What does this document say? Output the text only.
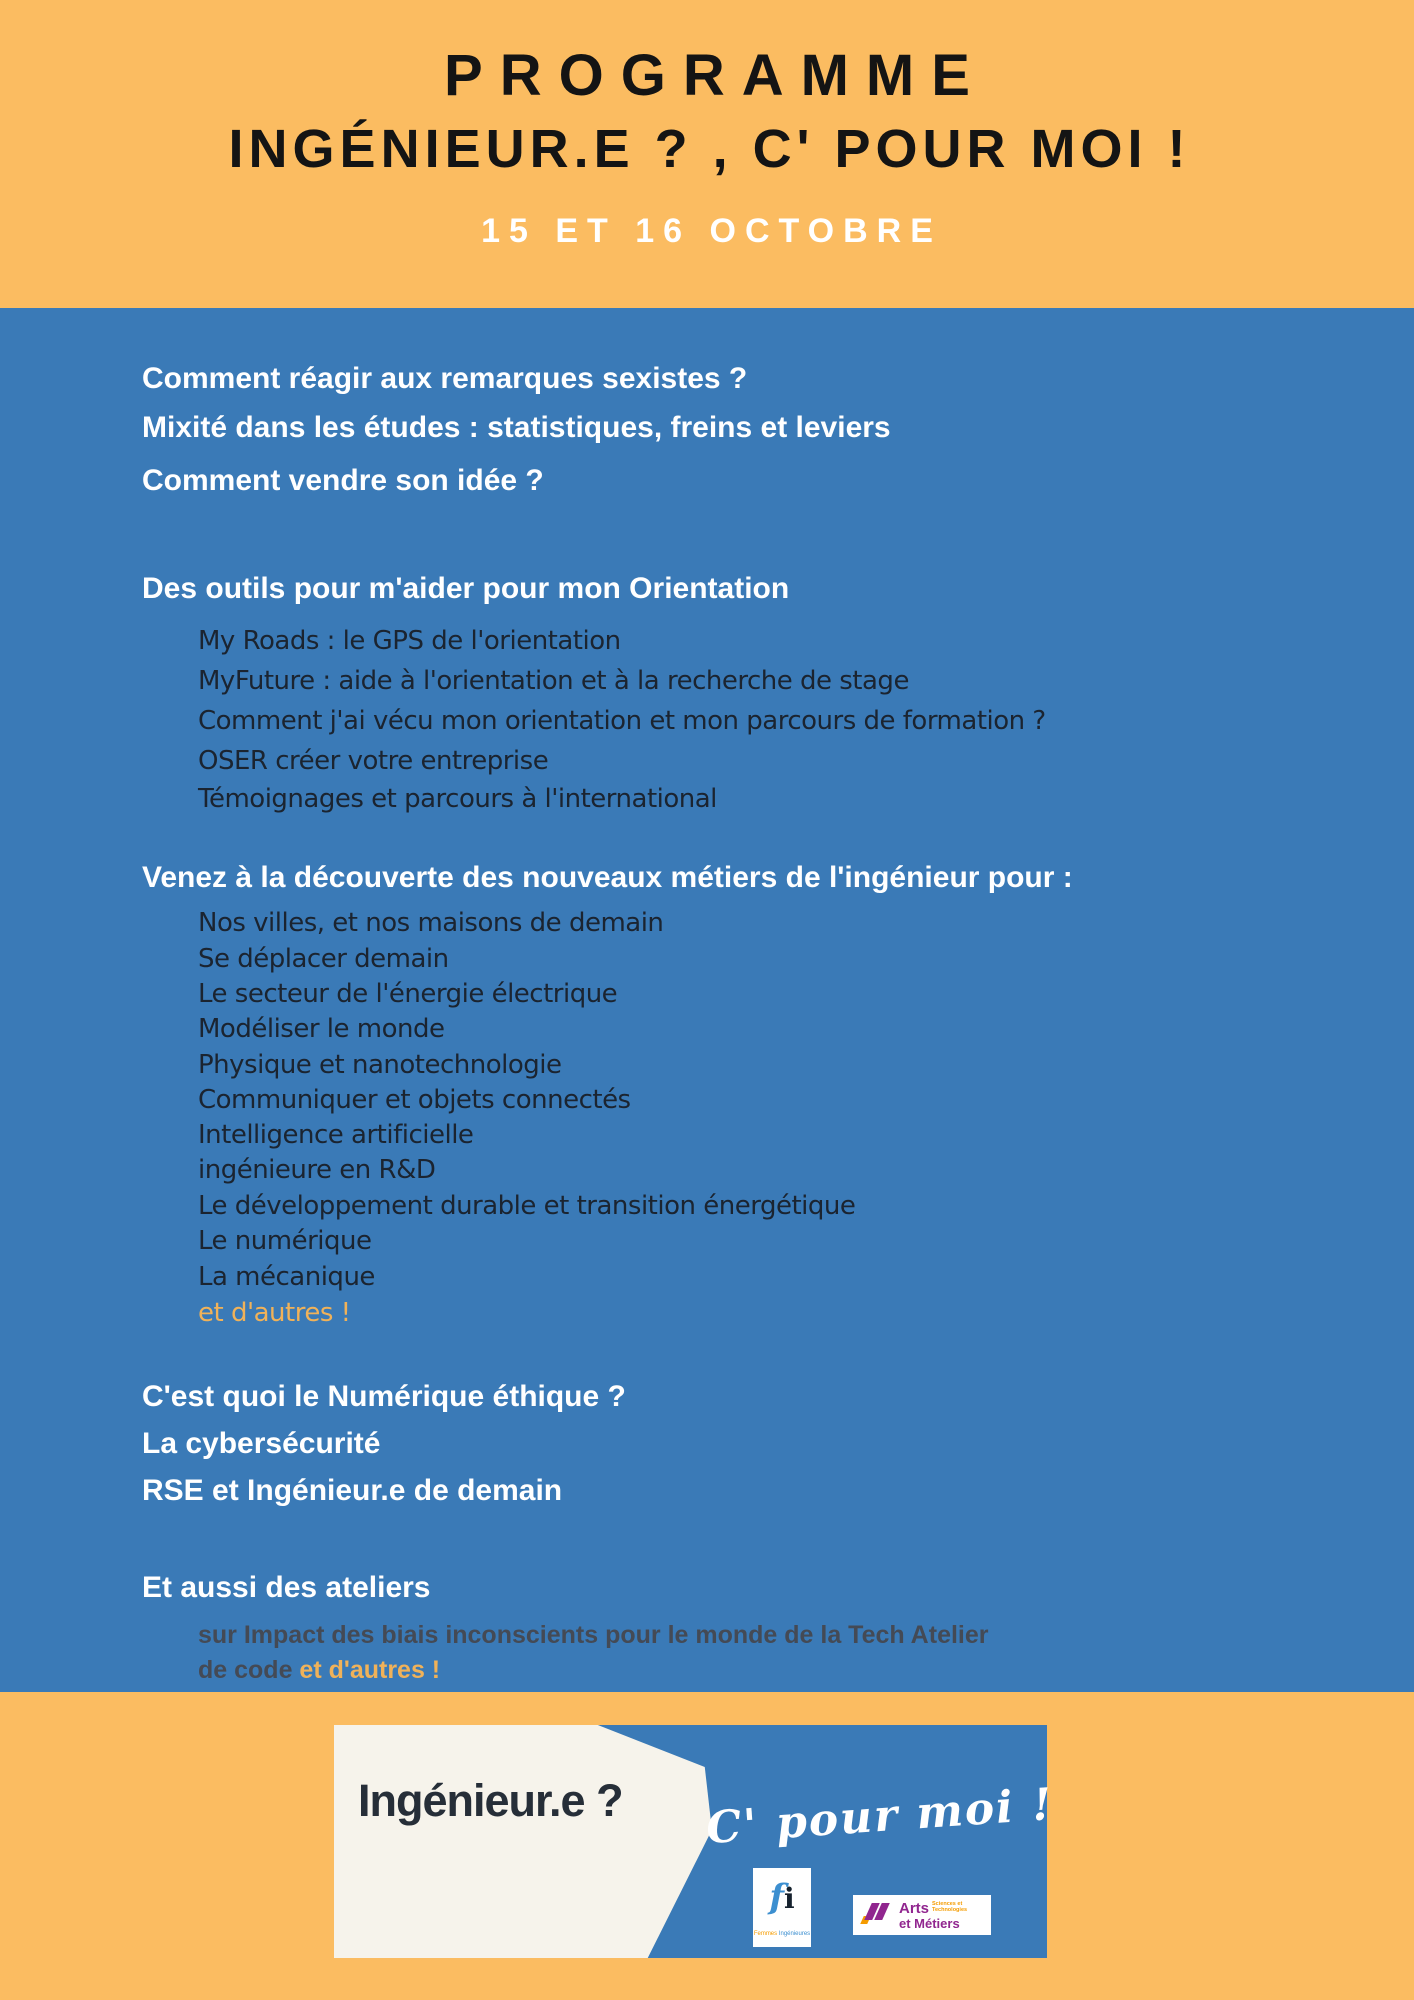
PROGRAMME
INGÉNIEUR.E ? , C' POUR MOI !
15 ET 16 OCTOBRE
Comment réagir aux remarques sexistes ?
Mixité dans les études : statistiques, freins et leviers
Comment vendre son idée ?
Des outils pour m'aider pour mon Orientation
My Roads : le GPS de l'orientation
MyFuture : aide à l'orientation et à la recherche de stage
Comment j'ai vécu mon orientation et mon parcours de formation ?
OSER créer votre entreprise
Témoignages et parcours à l'international
Venez à la découverte des nouveaux métiers de l'ingénieur pour :
Nos villes, et nos maisons de demain
Se déplacer demain
Le secteur de l'énergie électrique
Modéliser le monde
Physique et nanotechnologie
Communiquer et objets connectés
Intelligence artificielle
ingénieure en R&D
Le développement durable et transition énergétique
Le numérique
La mécanique
et d'autres !
C'est quoi le Numérique éthique ?
La cybersécurité
RSE et Ingénieur.e de demain
Et aussi des ateliers
sur Impact des biais inconscients pour le monde de la Tech Atelier
de code et d'autres !
Ingénieur.e ? C' pour moi !
fi
Femmes Ingénieures
Arts Sciences et
Technologies
et Métiers
